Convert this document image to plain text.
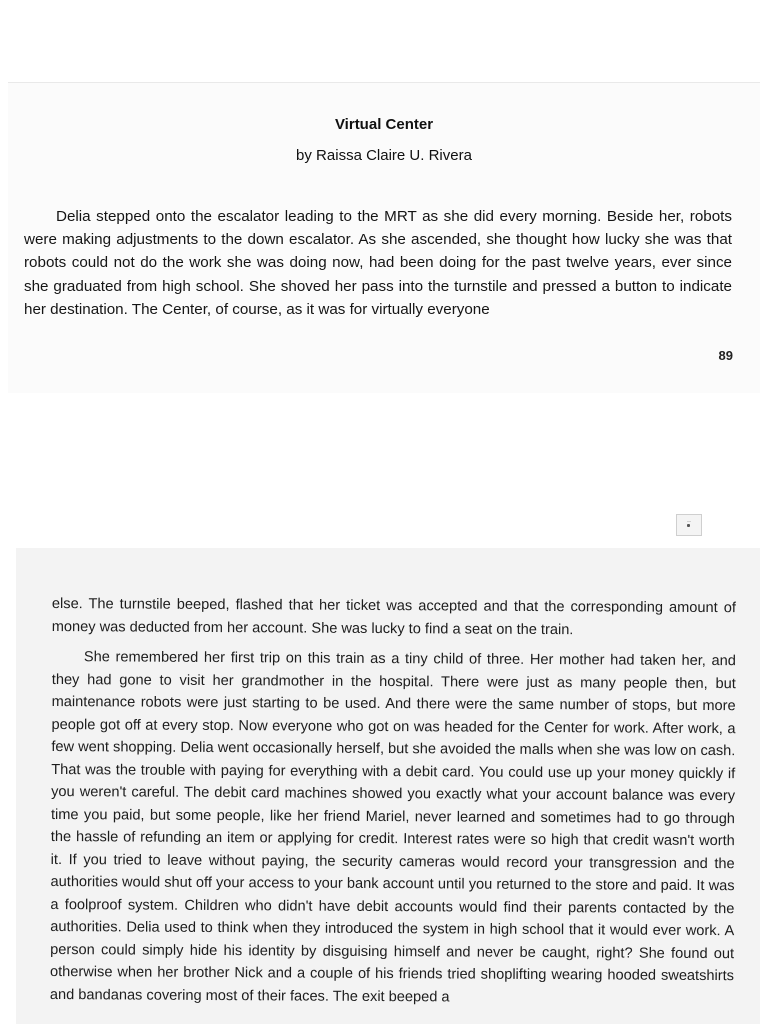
Virtual Center
by Raissa Claire U. Rivera

Delia stepped onto the escalator leading to the MRT as she did every morning. Beside her, robots were making adjustments to the down escalator. As she ascended, she thought how lucky she was that robots could not do the work she was doing now, had been doing for the past twelve years, ever since she graduated from high school. She shoved her pass into the turnstile and pressed a button to indicate her destination. The Center, of course, as it was for virtually everyone

89
—

else. The turnstile beeped, flashed that her ticket was accepted and that the corresponding amount of money was deducted from her account. She was lucky to find a seat on the train.

She remembered her first trip on this train as a tiny child of three. Her mother had taken her, and they had gone to visit her grandmother in the hospital. There were just as many people then, but maintenance robots were just starting to be used. And there were the same number of stops, but more people got off at every stop. Now everyone who got on was headed for the Center for work. After work, a few went shopping. Delia went occasionally herself, but she avoided the malls when she was low on cash. That was the trouble with paying for everything with a debit card. You could use up your money quickly if you weren't careful. The debit card machines showed you exactly what your account balance was every time you paid, but some people, like her friend Mariel, never learned and sometimes had to go through the hassle of refunding an item or applying for credit. Interest rates were so high that credit wasn't worth it. If you tried to leave without paying, the security cameras would record your transgression and the authorities would shut off your access to your bank account until you returned to the store and paid. It was a foolproof system. Children who didn't have debit accounts would find their parents contacted by the authorities. Delia used to think when they introduced the system in high school that it would ever work. A person could simply hide his identity by disguising himself and never be caught, right? She found out otherwise when her brother Nick and a couple of his friends tried shoplifting wearing hooded sweatshirts and bandanas covering most of their faces. The exit beeped a
